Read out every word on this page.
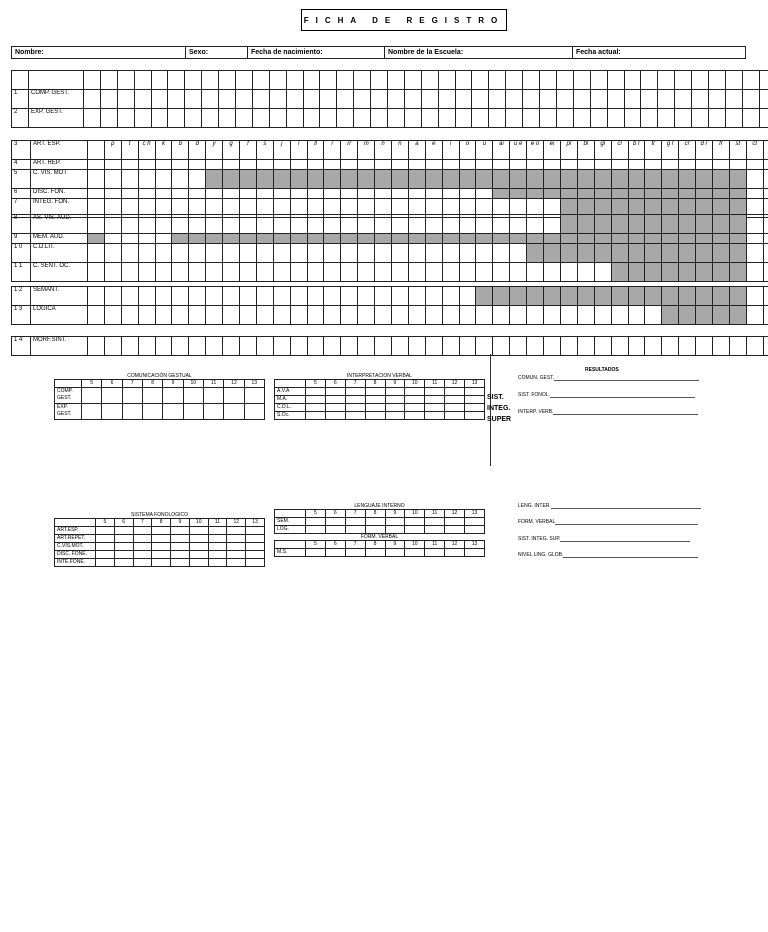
FICHA DE REGISTRO
Nombre:	Sexo:	Fecha de nacimiento:	Nombre de la Escuela:	Fecha actual:

1	COMP. GEST.																																													
2	EXP. GEST.																																													
3	ART. ESP.		p	t	c h	k	b	d	y	g	f	s	j	l	ll	r	rr	m	n	ñ	a	e	i	o	u	ai	u e	e o	ei	pl	bl	gl	cl	b r	tr	g r	cr	d r	fr	st	ct					
4	ART. REP.																																													
5	C. VIS. MOT																																													
6	DISC. FON.																																													
7	INTEG. FON.																																													
8	AS. VIS. AUD.																																													
9	MEM. AUD.																																													
1 0	C.D.LIT.																																													
1 1	C. SENT. OC.																																													
1 2	SEMANT.																																													
1 3	LÓGICA																																													
1 4	MORF.SINT.																																													
COMUNICACIÓN GESTUAL
	5	6	7	8	9	10	11	12	13
COMP. GEST.									
EXP. GEST.									
INTERPRETACION VERBAL
	5	6	7	8	9	10	11	12	13
A.V.A									
M.A.									
C.D.L.									
S.Oc.									
SIST.
INTEG.
SUPER
RESULTADOS
COMUN. GEST.
SIST. FONOL.
INTERP. VERB.
SISTEMA FONOLOGICO
	5	6	7	8	9	10	11	12	13
ART.ESP.									
ART.REPET.									
C.VIS.MOT.									
DISC. FONE.									
INTE.FONE.									
LENGUAJE INTERNO
	5	6	7	8	9	10	11	12	13
SEM.									
LOG.									
FORM. VERBAL
	5	6	7	8	9	10	11	12	13
M.S.									
LENG. INTER.
FORM. VERBAL
SIST. INTEG. SUP.
NIVEL LING. GLOB.
